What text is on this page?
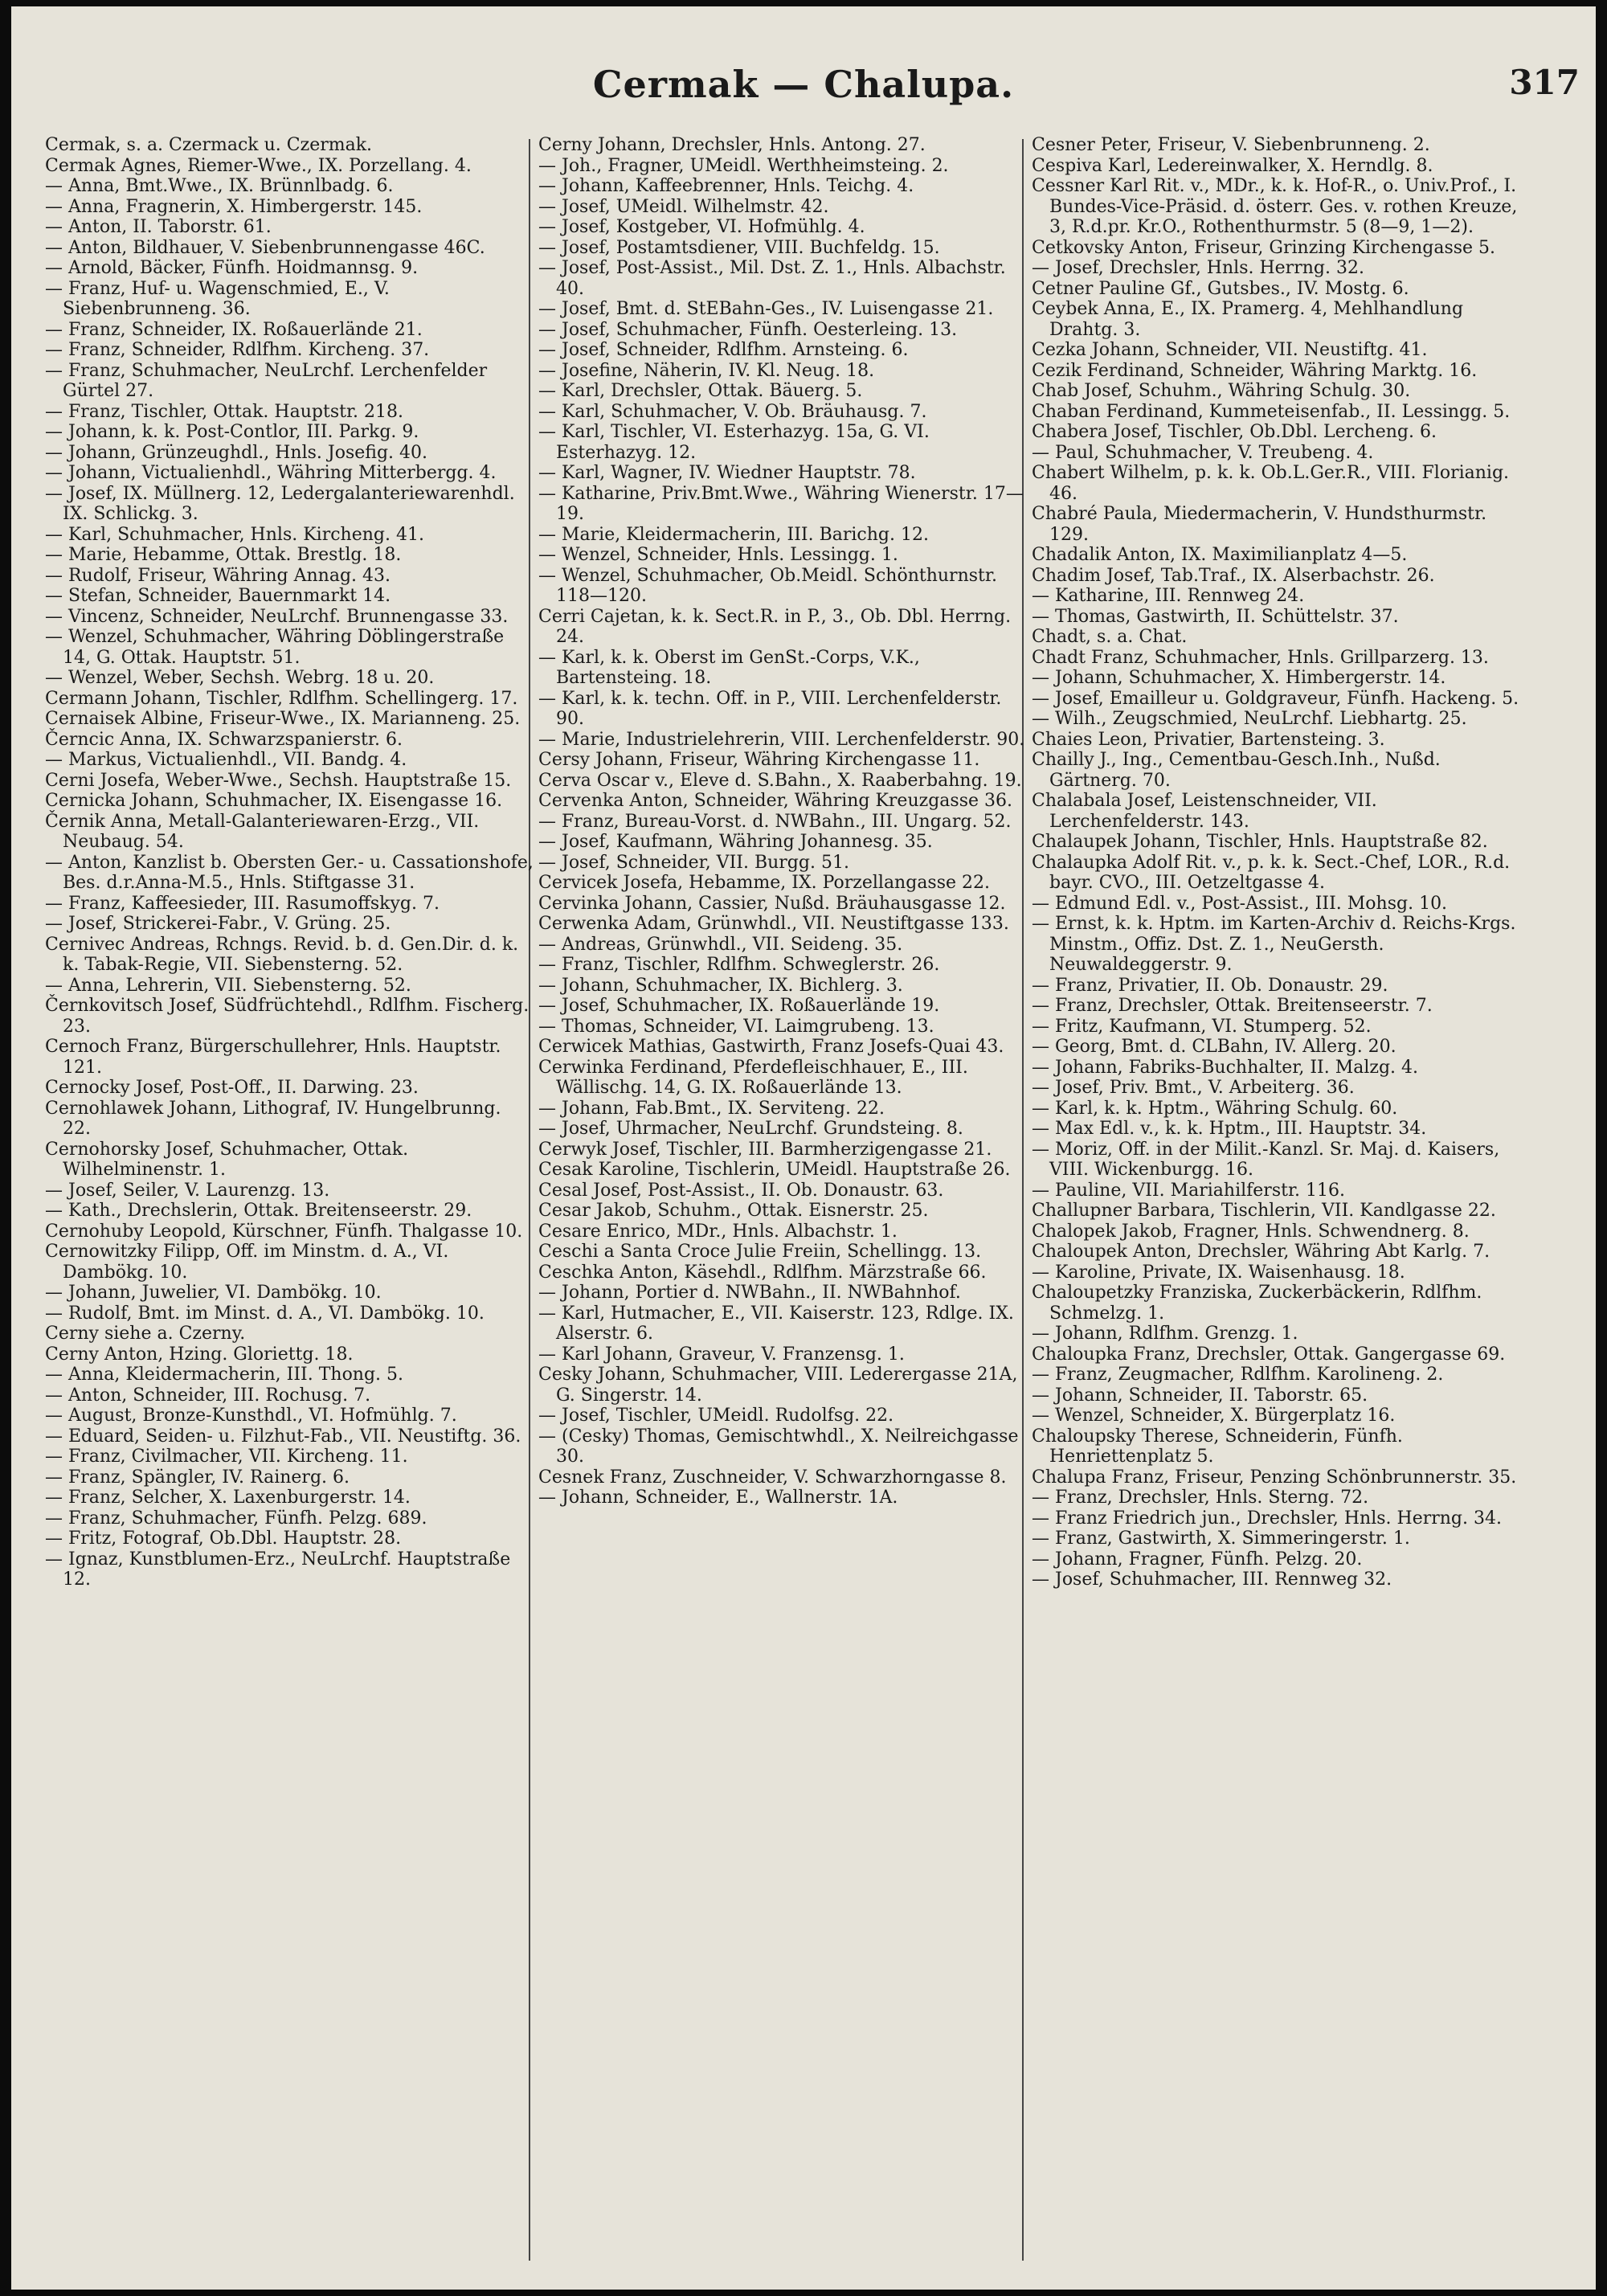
Cermak — Chalupa.	317

Cermak, s. a. Czermack u. Czermak.

Cermak Agnes, Riemer-Wwe., IX. Porzellang. 4.

— Anna, Bmt.Wwe., IX. Brünnlbadg. 6.

— Anna, Fragnerin, X. Himbergerstr. 145.

— Anton, II. Taborstr. 61.

— Anton, Bildhauer, V. Siebenbrunnengasse 46C.

— Arnold, Bäcker, Fünfh. Hoidmannsg. 9.

— Franz, Huf- u. Wagenschmied, E., V. Siebenbrunneng. 36.

— Franz, Schneider, IX. Roßauerlände 21.

— Franz, Schneider, Rdlfhm. Kircheng. 37.

— Franz, Schuhmacher, NeuLrchf. Lerchenfelder Gürtel 27.

— Franz, Tischler, Ottak. Hauptstr. 218.

— Johann, k. k. Post-Contlor, III. Parkg. 9.

— Johann, Grünzeughdl., Hnls. Josefig. 40.

— Johann, Victualienhdl., Währing Mitterbergg. 4.

— Josef, IX. Müllnerg. 12, Ledergalanteriewarenhdl. IX. Schlickg. 3.

— Karl, Schuhmacher, Hnls. Kircheng. 41.

— Marie, Hebamme, Ottak. Brestlg. 18.

— Rudolf, Friseur, Währing Annag. 43.

— Stefan, Schneider, Bauernmarkt 14.

— Vincenz, Schneider, NeuLrchf. Brunnengasse 33.

— Wenzel, Schuhmacher, Währing Döblingerstraße 14, G. Ottak. Hauptstr. 51.

— Wenzel, Weber, Sechsh. Webrg. 18 u. 20.

Cermann Johann, Tischler, Rdlfhm. Schellingerg. 17.

Cernaisek Albine, Friseur-Wwe., IX. Marianneng. 25.

Černcic Anna, IX. Schwarzspanierstr. 6.

— Markus, Victualienhdl., VII. Bandg. 4.

Cerni Josefa, Weber-Wwe., Sechsh. Hauptstraße 15.

Cernicka Johann, Schuhmacher, IX. Eisengasse 16.

Černik Anna, Metall-Galanteriewaren-Erzg., VII. Neubaug. 54.

— Anton, Kanzlist b. Obersten Ger.- u. Cassationshofe, Bes. d.r.Anna-M.5., Hnls. Stiftgasse 31.

— Franz, Kaffeesieder, III. Rasumoffskyg. 7.

— Josef, Strickerei-Fabr., V. Grüng. 25.

Cernivec Andreas, Rchngs. Revid. b. d. Gen.Dir. d. k. k. Tabak-Regie, VII. Siebensterng. 52.

— Anna, Lehrerin, VII. Siebensterng. 52.

Černkovitsch Josef, Südfrüchtehdl., Rdlfhm. Fischerg. 23.

Cernoch Franz, Bürgerschullehrer, Hnls. Hauptstr. 121.

Cernocky Josef, Post-Off., II. Darwing. 23.

Cernohlawek Johann, Lithograf, IV. Hungelbrunng. 22.

Cernohorsky Josef, Schuhmacher, Ottak. Wilhelminenstr. 1.

— Josef, Seiler, V. Laurenzg. 13.

— Kath., Drechslerin, Ottak. Breitenseerstr. 29.

Cernohuby Leopold, Kürschner, Fünfh. Thalgasse 10.

Cernowitzky Filipp, Off. im Minstm. d. A., VI. Dambökg. 10.

— Johann, Juwelier, VI. Dambökg. 10.

— Rudolf, Bmt. im Minst. d. A., VI. Dambökg. 10.

Cerny siehe a. Czerny.

Cerny Anton, Hzing. Gloriettg. 18.

— Anna, Kleidermacherin, III. Thong. 5.

— Anton, Schneider, III. Rochusg. 7.

— August, Bronze-Kunsthdl., VI. Hofmühlg. 7.

— Eduard, Seiden- u. Filzhut-Fab., VII. Neustiftg. 36.

— Franz, Civilmacher, VII. Kircheng. 11.

— Franz, Spängler, IV. Rainerg. 6.

— Franz, Selcher, X. Laxenburgerstr. 14.

— Franz, Schuhmacher, Fünfh. Pelzg. 689.

— Fritz, Fotograf, Ob.Dbl. Hauptstr. 28.

— Ignaz, Kunstblumen-Erz., NeuLrchf. Hauptstraße 12.

Cerny Johann, Drechsler, Hnls. Antong. 27.

— Joh., Fragner, UMeidl. Werthheimsteing. 2.

— Johann, Kaffeebrenner, Hnls. Teichg. 4.

— Josef, UMeidl. Wilhelmstr. 42.

— Josef, Kostgeber, VI. Hofmühlg. 4.

— Josef, Postamtsdiener, VIII. Buchfeldg. 15.

— Josef, Post-Assist., Mil. Dst. Z. 1., Hnls. Albachstr. 40.

— Josef, Bmt. d. StEBahn-Ges., IV. Luisengasse 21.

— Josef, Schuhmacher, Fünfh. Oesterleing. 13.

— Josef, Schneider, Rdlfhm. Arnsteing. 6.

— Josefine, Näherin, IV. Kl. Neug. 18.

— Karl, Drechsler, Ottak. Bäuerg. 5.

— Karl, Schuhmacher, V. Ob. Bräuhausg. 7.

— Karl, Tischler, VI. Esterhazyg. 15a, G. VI. Esterhazyg. 12.

— Karl, Wagner, IV. Wiedner Hauptstr. 78.

— Katharine, Priv.Bmt.Wwe., Währing Wienerstr. 17—19.

— Marie, Kleidermacherin, III. Barichg. 12.

— Wenzel, Schneider, Hnls. Lessingg. 1.

— Wenzel, Schuhmacher, Ob.Meidl. Schönthurnstr. 118—120.

Cerri Cajetan, k. k. Sect.R. in P., 3., Ob. Dbl. Herrng. 24.

— Karl, k. k. Oberst im GenSt.-Corps, V.K., Bartensteing. 18.

— Karl, k. k. techn. Off. in P., VIII. Lerchenfelderstr. 90.

— Marie, Industrielehrerin, VIII. Lerchenfelderstr. 90.

Cersy Johann, Friseur, Währing Kirchengasse 11.

Cerva Oscar v., Eleve d. S.Bahn., X. Raaberbahng. 19.

Cervenka Anton, Schneider, Währing Kreuzgasse 36.

— Franz, Bureau-Vorst. d. NWBahn., III. Ungarg. 52.

— Josef, Kaufmann, Währing Johannesg. 35.

— Josef, Schneider, VII. Burgg. 51.

Cervicek Josefa, Hebamme, IX. Porzellangasse 22.

Cervinka Johann, Cassier, Nußd. Bräuhausgasse 12.

Cerwenka Adam, Grünwhdl., VII. Neustiftgasse 133.

— Andreas, Grünwhdl., VII. Seideng. 35.

— Franz, Tischler, Rdlfhm. Schweglerstr. 26.

— Johann, Schuhmacher, IX. Bichlerg. 3.

— Josef, Schuhmacher, IX. Roßauerlände 19.

— Thomas, Schneider, VI. Laimgrubeng. 13.

Cerwicek Mathias, Gastwirth, Franz Josefs-Quai 43.

Cerwinka Ferdinand, Pferdefleischhauer, E., III. Wällischg. 14, G. IX. Roßauerlände 13.

— Johann, Fab.Bmt., IX. Serviteng. 22.

— Josef, Uhrmacher, NeuLrchf. Grundsteing. 8.

Cerwyk Josef, Tischler, III. Barmherzigengasse 21.

Cesak Karoline, Tischlerin, UMeidl. Hauptstraße 26.

Cesal Josef, Post-Assist., II. Ob. Donaustr. 63.

Cesar Jakob, Schuhm., Ottak. Eisnerstr. 25.

Cesare Enrico, MDr., Hnls. Albachstr. 1.

Ceschi a Santa Croce Julie Freiin, Schellingg. 13.

Ceschka Anton, Käsehdl., Rdlfhm. Märzstraße 66.

— Johann, Portier d. NWBahn., II. NWBahnhof.

— Karl, Hutmacher, E., VII. Kaiserstr. 123, Rdlge. IX. Alserstr. 6.

— Karl Johann, Graveur, V. Franzensg. 1.

Cesky Johann, Schuhmacher, VIII. Lederergasse 21A, G. Singerstr. 14.

— Josef, Tischler, UMeidl. Rudolfsg. 22.

— (Cesky) Thomas, Gemischtwhdl., X. Neilreichgasse 30.

Cesnek Franz, Zuschneider, V. Schwarzhorngasse 8.

— Johann, Schneider, E., Wallnerstr. 1A.

Cesner Peter, Friseur, V. Siebenbrunneng. 2.

Cespiva Karl, Ledereinwalker, X. Herndlg. 8.

Cessner Karl Rit. v., MDr., k. k. Hof-R., o. Univ.Prof., I. Bundes-Vice-Präsid. d. österr. Ges. v. rothen Kreuze, 3, R.d.pr. Kr.O., Rothenthurmstr. 5 (8—9, 1—2).

Cetkovsky Anton, Friseur, Grinzing Kirchengasse 5.

— Josef, Drechsler, Hnls. Herrng. 32.

Cetner Pauline Gf., Gutsbes., IV. Mostg. 6.

Ceybek Anna, E., IX. Pramerg. 4, Mehlhandlung Drahtg. 3.

Cezka Johann, Schneider, VII. Neustiftg. 41.

Cezik Ferdinand, Schneider, Währing Marktg. 16.

Chab Josef, Schuhm., Währing Schulg. 30.

Chaban Ferdinand, Kummeteisenfab., II. Lessingg. 5.

Chabera Josef, Tischler, Ob.Dbl. Lercheng. 6.

— Paul, Schuhmacher, V. Treubeng. 4.

Chabert Wilhelm, p. k. k. Ob.L.Ger.R., VIII. Florianig. 46.

Chabré Paula, Miedermacherin, V. Hundsthurmstr. 129.

Chadalik Anton, IX. Maximilianplatz 4—5.

Chadim Josef, Tab.Traf., IX. Alserbachstr. 26.

— Katharine, III. Rennweg 24.

— Thomas, Gastwirth, II. Schüttelstr. 37.

Chadt, s. a. Chat.

Chadt Franz, Schuhmacher, Hnls. Grillparzerg. 13.

— Johann, Schuhmacher, X. Himbergerstr. 14.

— Josef, Emailleur u. Goldgraveur, Fünfh. Hackeng. 5.

— Wilh., Zeugschmied, NeuLrchf. Liebhartg. 25.

Chaies Leon, Privatier, Bartensteing. 3.

Chailly J., Ing., Cementbau-Gesch.Inh., Nußd. Gärtnerg. 70.

Chalabala Josef, Leistenschneider, VII. Lerchenfelderstr. 143.

Chalaupek Johann, Tischler, Hnls. Hauptstraße 82.

Chalaupka Adolf Rit. v., p. k. k. Sect.-Chef, LOR., R.d. bayr. CVO., III. Oetzeltgasse 4.

— Edmund Edl. v., Post-Assist., III. Mohsg. 10.

— Ernst, k. k. Hptm. im Karten-Archiv d. Reichs-Krgs. Minstm., Offiz. Dst. Z. 1., NeuGersth. Neuwaldeggerstr. 9.

— Franz, Privatier, II. Ob. Donaustr. 29.

— Franz, Drechsler, Ottak. Breitenseerstr. 7.

— Fritz, Kaufmann, VI. Stumperg. 52.

— Georg, Bmt. d. CLBahn, IV. Allerg. 20.

— Johann, Fabriks-Buchhalter, II. Malzg. 4.

— Josef, Priv. Bmt., V. Arbeiterg. 36.

— Karl, k. k. Hptm., Währing Schulg. 60.

— Max Edl. v., k. k. Hptm., III. Hauptstr. 34.

— Moriz, Off. in der Milit.-Kanzl. Sr. Maj. d. Kaisers, VIII. Wickenburgg. 16.

— Pauline, VII. Mariahilferstr. 116.

Challupner Barbara, Tischlerin, VII. Kandlgasse 22.

Chalopek Jakob, Fragner, Hnls. Schwendnerg. 8.

Chaloupek Anton, Drechsler, Währing Abt Karlg. 7.

— Karoline, Private, IX. Waisenhausg. 18.

Chaloupetzky Franziska, Zuckerbäckerin, Rdlfhm. Schmelzg. 1.

— Johann, Rdlfhm. Grenzg. 1.

Chaloupka Franz, Drechsler, Ottak. Gangergasse 69.

— Franz, Zeugmacher, Rdlfhm. Karolineng. 2.

— Johann, Schneider, II. Taborstr. 65.

— Wenzel, Schneider, X. Bürgerplatz 16.

Chaloupsky Therese, Schneiderin, Fünfh. Henriettenplatz 5.

Chalupa Franz, Friseur, Penzing Schönbrunnerstr. 35.

— Franz, Drechsler, Hnls. Sterng. 72.

— Franz Friedrich jun., Drechsler, Hnls. Herrng. 34.

— Franz, Gastwirth, X. Simmeringerstr. 1.

— Johann, Fragner, Fünfh. Pelzg. 20.

— Josef, Schuhmacher, III. Rennweg 32.
